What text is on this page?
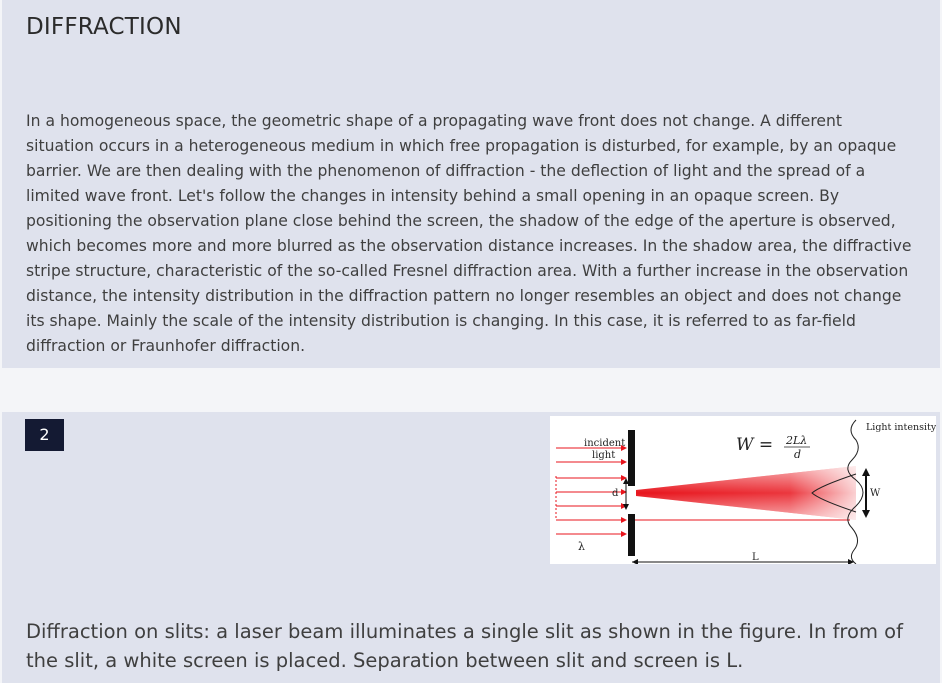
DIFFRACTION

In a homogeneous space, the geometric shape of a propagating wave front does not change. A different situation occurs in a heterogeneous medium in which free propagation is disturbed, for example, by an opaque barrier. We are then dealing with the phenomenon of diffraction - the deflection of light and the spread of a limited wave front. Let's follow the changes in intensity behind a small opening in an opaque screen. By positioning the observation plane close behind the screen, the shadow of the edge of the aperture is observed, which becomes more and more blurred as the observation distance increases. In the shadow area, the diffractive stripe structure, characteristic of the so-called Fresnel diffraction area. With a further increase in the observation distance, the intensity distribution in the diffraction pattern no longer resembles an object and does not change its shape. Mainly the scale of the intensity distribution is changing. In this case, it is referred to as far-field diffraction or Fraunhofer diffraction.

2	incident
light
d
λ
W = 2Lλ
d
Light intensity
W
L

Diffraction on slits: a laser beam illuminates a single slit as shown in the figure. In from of the slit, a white screen is placed. Separation between slit and screen is L.
